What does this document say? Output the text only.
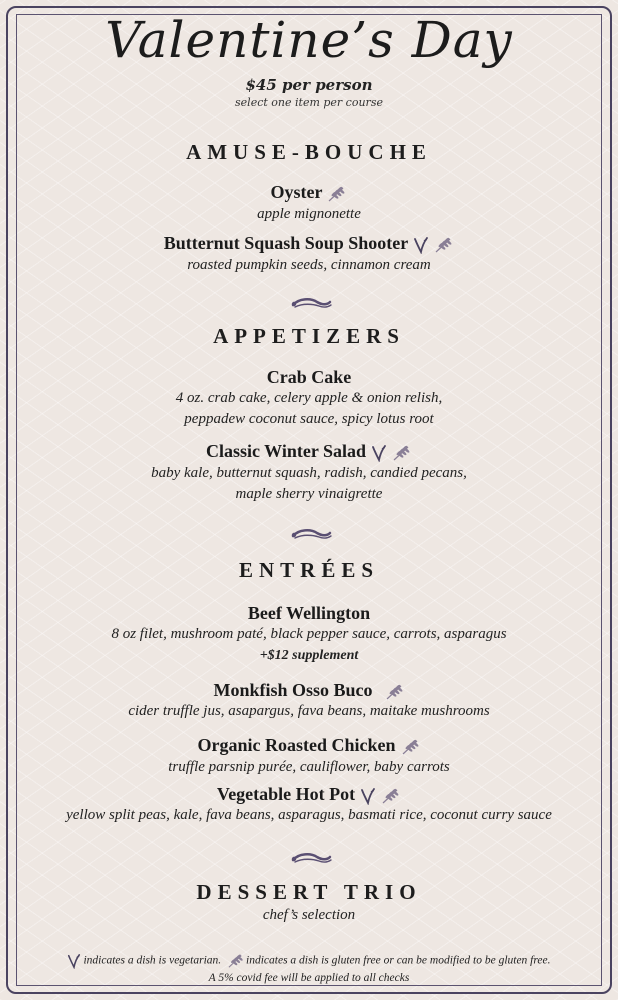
Valentine’s Day
$45 per person
select one item per course
AMUSE-BOUCHE
Oyster
apple mignonette
Butternut Squash Soup Shooter
roasted pumpkin seeds, cinnamon cream
APPETIZERS
Crab Cake
4 oz. crab cake, celery apple & onion relish,
peppadew coconut sauce, spicy lotus root
Classic Winter Salad
baby kale, butternut squash, radish, candied pecans,
maple sherry vinaigrette
ENTRÉES
Beef Wellington
8 oz filet, mushroom paté, black pepper sauce, carrots, asparagus
+$12 supplement
Monkfish Osso Buco
cider truffle jus, asapargus, fava beans, maitake mushrooms
Organic Roasted Chicken
truffle parsnip purée, cauliflower, baby carrots
Vegetable Hot Pot
yellow split peas, kale, fava beans, asparagus, basmati rice, coconut curry sauce
DESSERT TRIO
chef’s selection
indicates a dish is vegetarian. indicates a dish is gluten free or can be modified to be gluten free.
A 5% covid fee will be applied to all checks
